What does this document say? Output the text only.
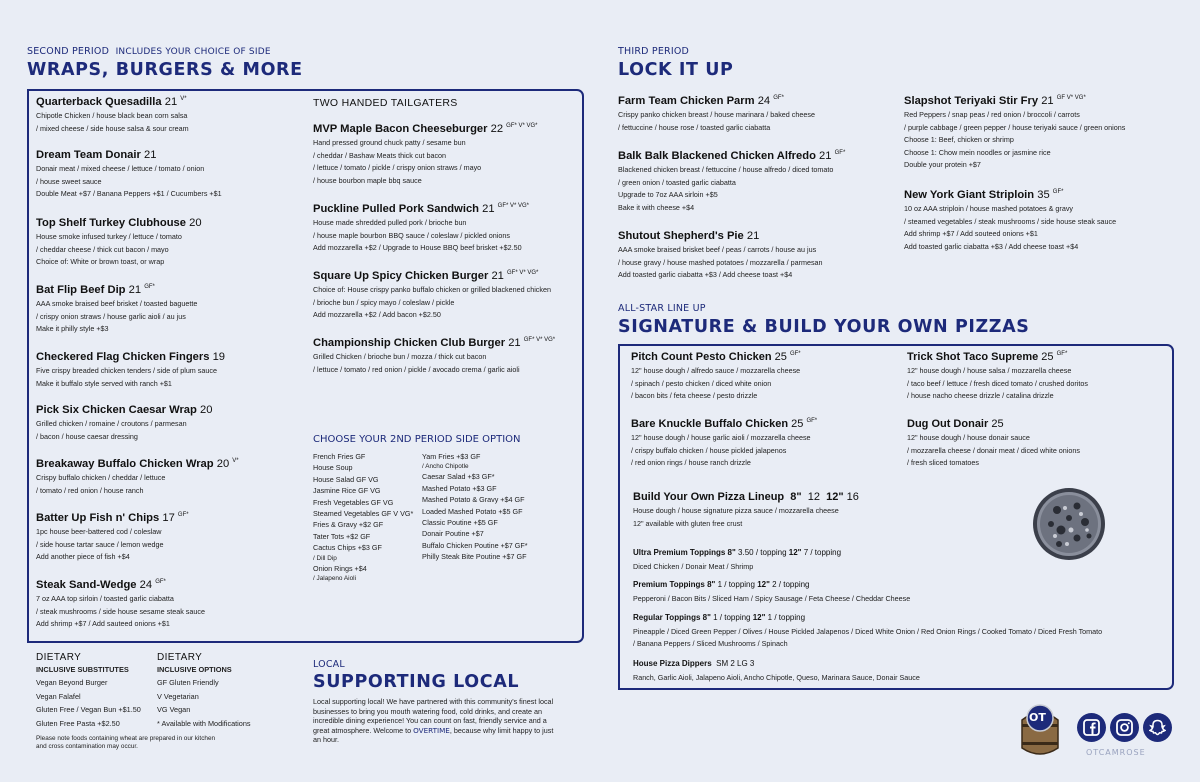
SECOND PERIOD INCLUDES YOUR CHOICE OF SIDE
WRAPS, BURGERS & MORE
Quarterback Quesadilla 21 $^{V*}$
Chipotle Chicken / house black bean corn salsa
/ mixed cheese / side house salsa & sour cream
Dream Team Donair 21
Donair meat / mixed cheese / lettuce / tomato / onion
/ house sweet sauce
Double Meat +$7 / Banana Peppers +$1 / Cucumbers +$1
Top Shelf Turkey Clubhouse 20
House smoke infused turkey / lettuce / tomato
/ cheddar cheese / thick cut bacon / mayo
Choice of: White or brown toast, or wrap
Bat Flip Beef Dip 21 $^{GF*}$
AAA smoke braised beef brisket / toasted baguette
/ crispy onion straws / house garlic aioli / au jus
Make it philly style +$3
Checkered Flag Chicken Fingers 19
Five crispy breaded chicken tenders / side of plum sauce
Make it buffalo style served with ranch +$1
Pick Six Chicken Caesar Wrap 20
Grilled chicken / romaine / croutons / parmesan
/ bacon / house caesar dressing
Breakaway Buffalo Chicken Wrap 20 $^{V*}$
Crispy buffalo chicken / cheddar / lettuce
/ tomato / red onion / house ranch
Batter Up Fish n' Chips 17 $^{GF*}$
1pc house beer-battered cod / coleslaw
/ side house tartar sauce / lemon wedge
Add another piece of fish +$4
Steak Sand-Wedge 24 $^{GF*}$
7 oz AAA top sirloin / toasted garlic ciabatta
/ steak mushrooms / side house sesame steak sauce
Add shrimp +$7 / Add sauteed onions +$1
TWO HANDED TAILGATERS
MVP Maple Bacon Cheeseburger 22 $^{GF* V* VG*}$
Hand pressed ground chuck patty / sesame bun
/ cheddar / Bashaw Meats thick cut bacon
/ lettuce / tomato / pickle / crispy onion straws / mayo
/ house bourbon maple bbq sauce
Puckline Pulled Pork Sandwich 21 $^{GF* V* VG*}$
House made shredded pulled pork / brioche bun
/ house maple bourbon BBQ sauce / coleslaw / pickled onions
Add mozzarella +$2 / Upgrade to House BBQ beef brisket +$2.50
Square Up Spicy Chicken Burger 21 $^{GF* V* VG*}$
Choice of: House crispy panko buffalo chicken or grilled blackened chicken
/ brioche bun / spicy mayo / coleslaw / pickle
Add mozzarella +$2 / Add bacon +$2.50
Championship Chicken Club Burger 21 $^{GF* V* VG*}$
Grilled Chicken / brioche bun / mozza / thick cut bacon
/ lettuce / tomato / red onion / pickle / avocado crema / garlic aioli
CHOOSE YOUR 2ND PERIOD SIDE OPTION
French Fries GF
House Soup
House Salad GF VG
Jasmine Rice GF VG
Fresh Vegetables GF VG
Steamed Vegetables GF V VG*
Fries & Gravy +$2 GF
Tater Tots +$2 GF
Cactus Chips +$3 GF
/ Dill Dip
Onion Rings +$4
/ Jalapeno Aioli
Yam Fries +$3 GF
/ Ancho Chipotle
Caesar Salad +$3 GF*
Mashed Potato +$3 GF
Mashed Potato & Gravy +$4 GF
Loaded Mashed Potato +$5 GF
Classic Poutine +$5 GF
Donair Poutine +$7
Buffalo Chicken Poutine +$7 GF*
Philly Steak Bite Poutine +$7 GF
DIETARY
INCLUSIVE SUBSTITUTES
Vegan Beyond Burger
Vegan Falafel
Gluten Free / Vegan Bun +$1.50
Gluten Free Pasta +$2.50
DIETARY
INCLUSIVE OPTIONS
GF Gluten Friendly
V Vegetarian
VG Vegan
* Available with Modifications
Please note foods containing wheat are prepared in our kitchen
and cross contamination may occur.
LOCAL
SUPPORTING LOCAL
Local supporting local! We have partnered with this community's finest local
businesses to bring you mouth watering food, cold drinks, and create an
incredible dining experience! You can count on fast, friendly service and a
great atmosphere. Welcome to OVERTIME, because why limit happy to just
an hour.
THIRD PERIOD
LOCK IT UP
Farm Team Chicken Parm 24 $^{GF*}$
Crispy panko chicken breast / house marinara / baked cheese
/ fettuccine / house rose / toasted garlic ciabatta
Balk Balk Blackened Chicken Alfredo 21 $^{GF*}$
Blackened chicken breast / fettuccine / house alfredo / diced tomato
/ green onion / toasted garlic ciabatta
Upgrade to 7oz AAA sirloin +$5
Bake it with cheese +$4
Shutout Shepherd's Pie 21
AAA smoke braised brisket beef / peas / carrots / house au jus
/ house gravy / house mashed potatoes / mozzarella / parmesan
Add toasted garlic ciabatta +$3 / Add cheese toast +$4
Slapshot Teriyaki Stir Fry 21 $^{GF V* VG*}$
Red Peppers / snap peas / red onion / broccoli / carrots
/ purple cabbage / green pepper / house teriyaki sauce / green onions
Choose 1: Beef, chicken or shrimp
Choose 1: Chow mein noodles or jasmine rice
Double your protein +$7
New York Giant Striploin 35 $^{GF*}$
10 oz AAA striploin / house mashed potatoes & gravy
/ steamed vegetables / steak mushrooms / side house steak sauce
Add shrimp +$7 / Add souteed onions +$1
Add toasted garlic ciabatta +$3 / Add cheese toast +$4
ALL-STAR LINE UP
SIGNATURE & BUILD YOUR OWN PIZZAS
Pitch Count Pesto Chicken 25 $^{GF*}$
12" house dough / alfredo sauce / mozzarella cheese
/ spinach / pesto chicken / diced white onion
/ bacon bits / feta cheese / pesto drizzle
Bare Knuckle Buffalo Chicken 25 $^{GF*}$
12" house dough / house garlic aioli / mozzarella cheese
/ crispy buffalo chicken / house pickled jalapenos
/ red onion rings / house ranch drizzle
Trick Shot Taco Supreme 25 $^{GF*}$
12" house dough / house salsa / mozzarella cheese
/ taco beef / lettuce / fresh diced tomato / crushed doritos
/ house nacho cheese drizzle / catalina drizzle
Dug Out Donair 25
12" house dough / house donair sauce
/ mozzarella cheese / donair meat / diced white onions
/ fresh sliced tomatoes
Build Your Own Pizza Lineup 8" 12 12" 16
House dough / house signature pizza sauce / mozzarella cheese
12" available with gluten free crust
Ultra Premium Toppings 8" 3.50 / topping 12" 7 / topping
Diced Chicken / Donair Meat / Shrimp
Premium Toppings 8" 1 / topping 12" 2 / topping
Pepperoni / Bacon Bits / Sliced Ham / Spicy Sausage / Feta Cheese / Cheddar Cheese
Regular Toppings 8" 1 / topping 12" 1 / topping
Pineapple / Diced Green Pepper / Olives / House Pickled Jalapenos / Diced White Onion / Red Onion Rings / Cooked Tomato / Diced Fresh Tomato
/ Banana Peppers / Sliced Mushrooms / Spinach
House Pizza Dippers SM 2 LG 3
Ranch, Garlic Aioli, Jalapeno Aioli, Ancho Chipotle, Queso, Marinara Sauce, Donair Sauce
OT
OTCAMROSE
